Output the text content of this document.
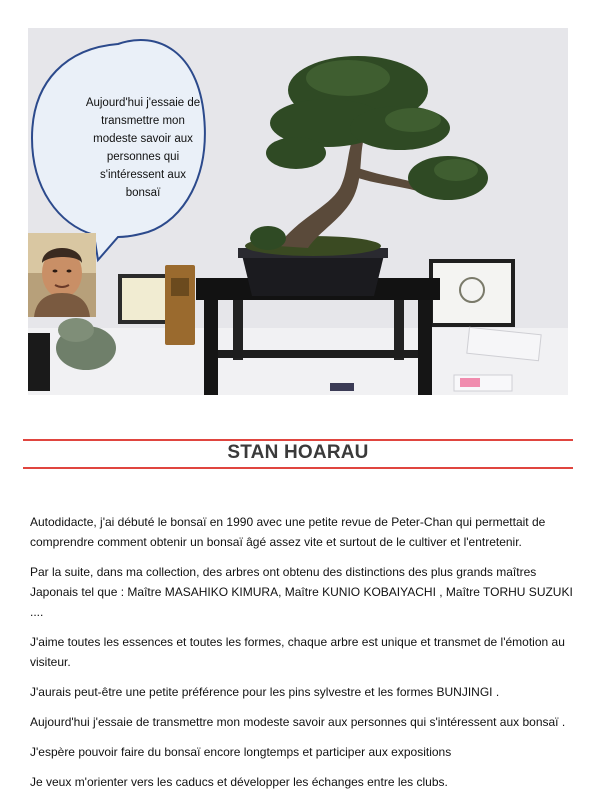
Aujourd'hui j'essaie de transmettre mon modeste savoir aux personnes qui s'intéressent aux bonsaï
STAN HOARAU

Autodidacte, j'ai débuté le bonsaï en 1990 avec une petite revue de Peter-Chan qui permettait de comprendre comment obtenir un bonsaï âgé assez vite et surtout de le cultiver et l'entretenir.

Par la suite, dans ma collection, des arbres ont obtenu des distinctions des plus grands maîtres Japonais tel que : Maître MASAHIKO KIMURA, Maître KUNIO KOBAIYACHI , Maître TORHU SUZUKI ....

J'aime toutes les essences et toutes les formes, chaque arbre est unique et transmet de l'émotion au visiteur.

J'aurais peut-être une petite préférence pour les pins sylvestre et les formes BUNJINGI .

Aujourd'hui j'essaie de transmettre mon modeste savoir aux personnes qui s'intéressent aux bonsaï .

J'espère pouvoir faire du bonsaï encore longtemps et participer aux expositions

Je veux m'orienter vers les caducs et développer les échanges entre les clubs.
